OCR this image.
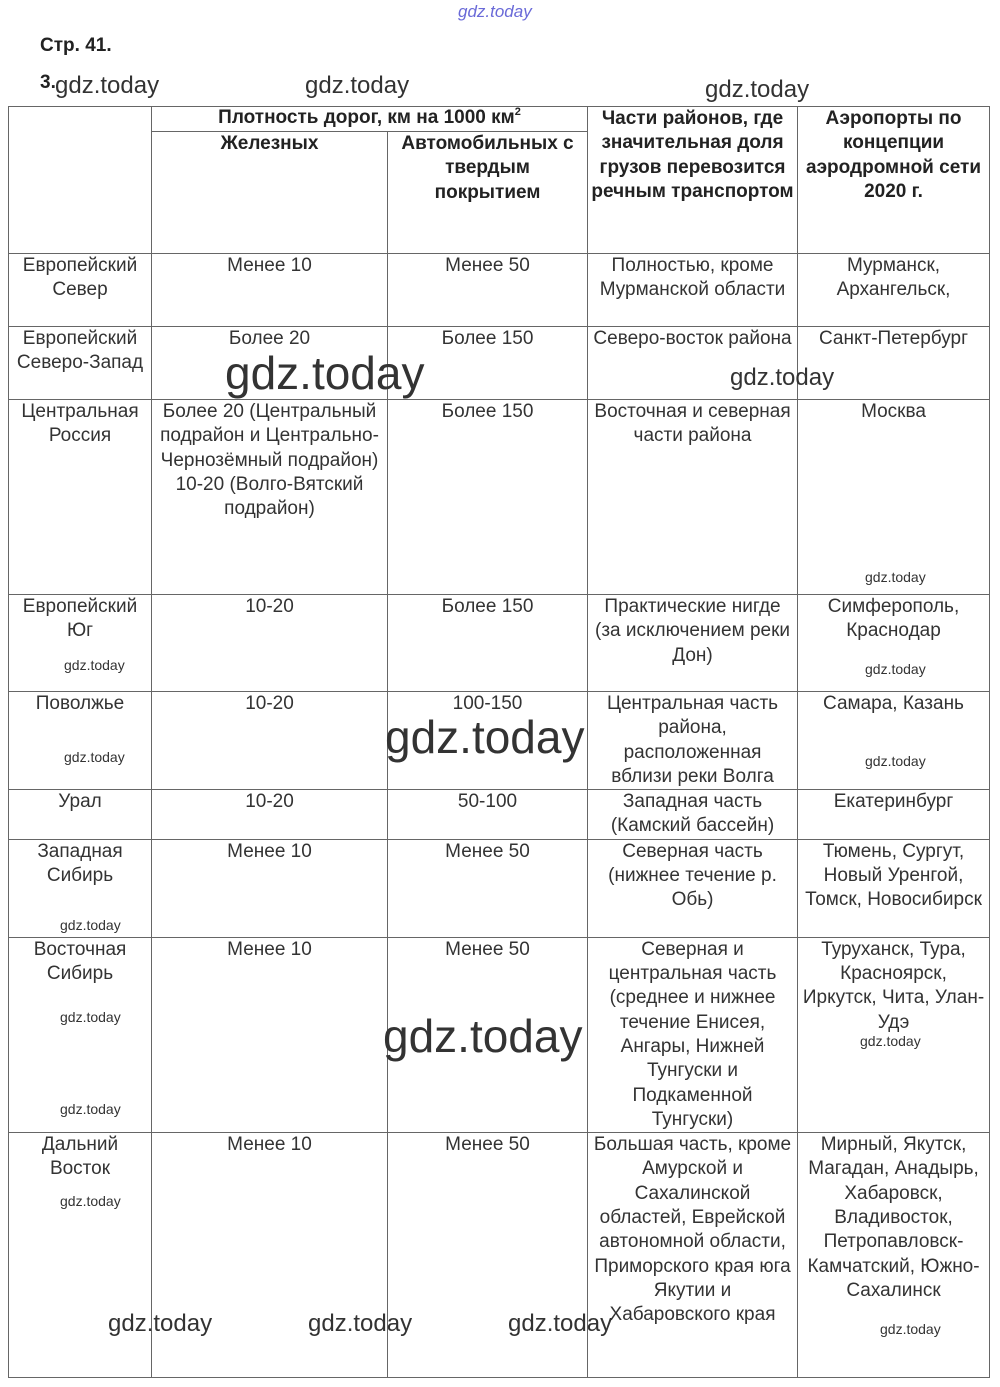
gdz.today
Стр. 41.
3.
	Плотность дорог, км на 1000 $км^2$		Части районов, где значительная доля грузов перевозится речным транспортом	Аэропорты по концепции аэродромной сети 2020 г.
	Железных	Автомобильных с твердым покрытием		
Европейский Север	Менее 10	Менее 50	Полностью, кроме Мурманской области	Мурманск, Архангельск,
Европейский Северо-Запад	Более 20	Более 150	Северо-восток района	Санкт-Петербург
Центральная Россия	Более 20 (Центральный подрайон и Центрально-Чернозёмный подрайон) 10-20 (Волго-Вятский подрайон)	Более 150	Восточная и северная части района	Москва
Европейский Юг	10-20	Более 150	Практические нигде (за исключением реки Дон)	Симферополь, Краснодар
Поволжье	10-20	100-150	Центральная часть района, расположенная вблизи реки Волга	Самара, Казань
Урал	10-20	50-100	Западная часть (Камский бассейн)	Екатеринбург
Западная Сибирь	Менее 10	Менее 50	Северная часть (нижнее течение р. Обь)	Тюмень, Сургут, Новый Уренгой, Томск, Новосибирск
Восточная Сибирь	Менее 10	Менее 50	Северная и центральная часть (среднее и нижнее течение Енисея, Ангары, Нижней Тунгуски и Подкаменной Тунгуски)	Туруханск, Тура, Красноярск, Иркутск, Чита, Улан-Удэ
Дальний Восток	Менее 10	Менее 50	Большая часть, кроме Амурской и Сахалинской областей, Еврейской автономной области, Приморского края юга Якутии и Хабаровского края	Мирный, Якутск, Магадан, Анадырь, Хабаровск, Владивосток, Петропавловск-Камчатский, Южно-Сахалинск
gdz.today	gdz.today	gdz.today
gdz.today	gdz.today
gdz.today
gdz.today	gdz.today
gdz.today
gdz.today	gdz.today
gdz.today
gdz.today	gdz.today	gdz.today
gdz.today
gdz.today
gdz.today	gdz.today	gdz.today	gdz.today
